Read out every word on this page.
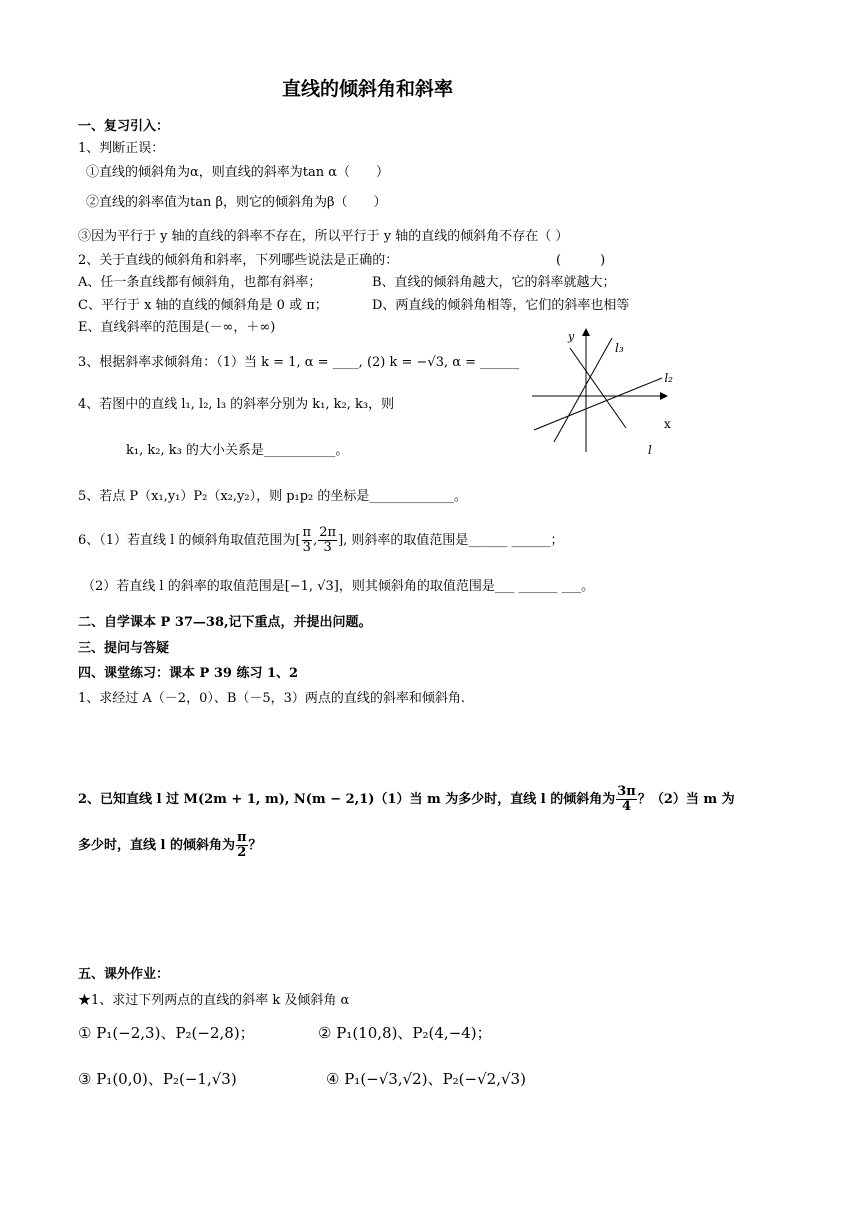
直线的倾斜角和斜率
一、复习引入：
1、判断正误：
①直线的倾斜角为α，则直线的斜率为tan α（　　）
②直线的斜率值为tan β，则它的倾斜角为β（　　）
③因为平行于 y 轴的直线的斜率不存在，所以平行于 y 轴的直线的倾斜角不存在（ ）
2、关于直线的倾斜角和斜率，下列哪些说法是正确的：	(　　　)
A、任一条直线都有倾斜角，也都有斜率；	B、直线的倾斜角越大，它的斜率就越大；
C、平行于 x 轴的直线的倾斜角是 0 或 π；	D、两直线的倾斜角相等，它们的斜率也相等
E、直线斜率的范围是(－∞，＋∞)
3、根据斜率求倾斜角：（1）当 k = 1, α = ____, (2) k = −√3, α = ______
4、若图中的直线 l₁, l₂, l₃ 的斜率分别为 k₁, k₂, k₃，则
k₁, k₂, k₃ 的大小关系是___________。
y
l₃
l₂
x
l
5、若点 P（x₁,y₁）P₂（x₂,y₂），则 p₁p₂ 的坐标是_____________。
6、（1）若直线 l 的倾斜角取值范围为[ $\frac{\pi}{3}$ , $\frac{2\pi}{3}$ ], 则斜率的取值范围是______ ______；
（2）若直线 l 的斜率的取值范围是[−1, √3]，则其倾斜角的取值范围是___ ______ ___。
二、自学课本 P 37—38,记下重点，并提出问题。
三、提问与答疑
四、课堂练习：课本 P 39 练习 1、2
1、求经过 A（－2，0）、B（－5，3）两点的直线的斜率和倾斜角.
2、已知直线 l 过 M(2m + 1, m), N(m − 2,1)（1）当 m 为多少时，直线 l 的倾斜角为 $\frac{3\pi}{4}$ ？（2）当 m 为
多少时，直线 l 的倾斜角为 $\frac{\pi}{2}$ ？
五、课外作业：
★1、求过下列两点的直线的斜率 k 及倾斜角 α
① P₁(−2,3)、P₂(−2,8)；	② P₁(10,8)、P₂(4,−4)；
③ P₁(0,0)、P₂(−1,√3)	④ P₁(−√3,√2)、P₂(−√2,√3)
